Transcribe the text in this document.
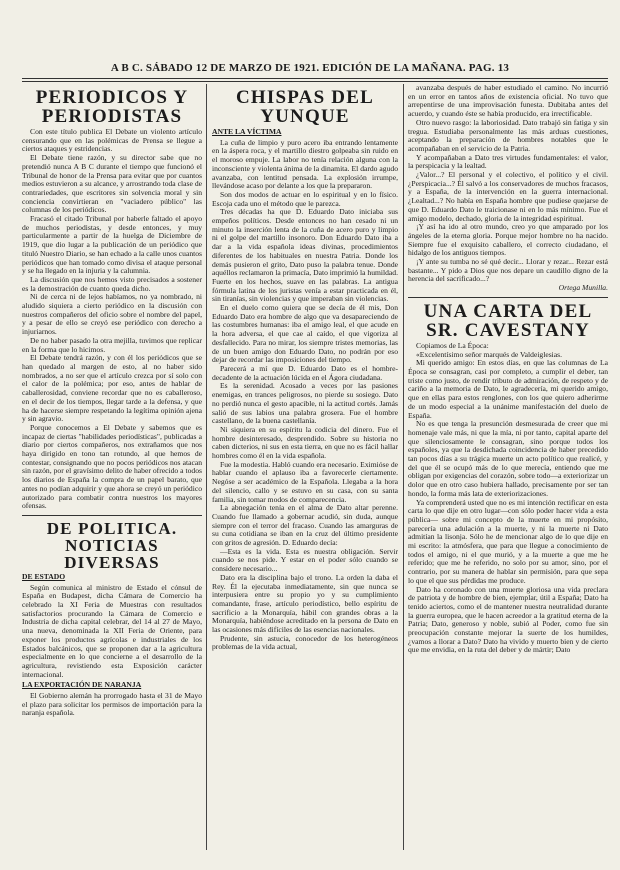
A B C. SÁBADO 12 DE MARZO DE 1921. EDICIÓN DE LA MAÑANA. PAG. 13
PERIODICOS Y PERIODISTAS

Con este título publica El Debate un violento artículo censurando que en las polémicas de Prensa se llegue a ciertos ataques y estridencias.

El Debate tiene razón, y su director sabe que no pretendió nunca A B C durante el tiempo que funcionó el Tribunal de honor de la Prensa para evitar que por cuantos medios estuvieron a su alcance, y arrostrando toda clase de contrariedades, que escritores sin solvencia moral y sin conciencia convirtieran en "vaciadero público" las columnas de los periódicos.

Fracasó el citado Tribunal por haberle faltado el apoyo de muchos periodistas, y desde entonces, y muy particularmente a partir de la huelga de Diciembre de 1919, que dio lugar a la publicación de un periódico que tituló Nuestro Diario, se han echado a la calle unos cuantos periódicos que han tomado como divisa el ataque personal y se ha llegado en la injuria y la calumnia.

La discusión que nos hemos visto precisados a sostener es la demostración de cuanto queda dicho.

Ni de cerca ni de lejos habíamos, no ya nombrado, ni aludido siquiera a cierto periódico en la discusión con nuestros compañeros del oficio sobre el nombre del papel, y a pesar de ello se creyó ese periódico con derecho a injuriarnos.

De no haber pasado la otra mejilla, tuvimos que replicar en la forma que lo hicimos.

El Debate tendrá razón, y con él los periódicos que se han quedado al margen de esto, al no haber sido nombrados, a no ser que el artículo crezca por sí solo con el calor de la polémica; por eso, antes de hablar de caballerosidad, conviene recordar que no es caballeroso, en el decir de los tiempos, llegar tarde a la defensa, y que ha de hacerse siempre respetando la legítima opinión ajena y sin agravio.

Porque conocemos a El Debate y sabemos que es incapaz de ciertas "habilidades periodísticas", publicadas a diario por ciertos compañeros, nos extrañamos que nos haya dirigido en tono tan rotundo, al que hemos de contestar, consignando que no pocos periódicos nos atacan sin razón, por el gravísimo delito de haber ofrecido a todos los diarios de España la compra de un papel barato, que antes no podían adquirir y que ahora se creyó un periódico autorizado para combatir contra nuestros los mayores ofensas.

DE POLITICA. NOTICIAS DIVERSAS
DE ESTADO

Según comunica al ministro de Estado el cónsul de España en Budapest, dicha Cámara de Comercio ha celebrado la XI Feria de Muestras con resultados satisfactorios procurando la Cámara de Comercio e Industria de dicha capital celebrar, del 14 al 27 de Mayo, una nueva, denominada la XII Feria de Oriente, para exponer los productos agrícolas e industriales de los Estados balcánicos, que se proponen dar a la agricultura especialmente en lo que concierne a el desarrollo de la agricultura, revistiendo esta Exposición carácter internacional.

LA EXPORTACIÓN DE NARANJA

El Gobierno alemán ha prorrogado hasta el 31 de Mayo el plazo para solicitar los permisos de importación para la naranja española.

CHISPAS DEL YUNQUE
ANTE LA VÍCTIMA

La cuña de limpio y puro acero iba entrando lentamente en la áspera roca, y el martillo diestro golpeaba sin ruido en el moroso empuje. La labor no tenía relación alguna con la inconsciente y violenta ánima de la dinamita. El dardo agudo avanzaba, con lentitud pensada. La explosión irrumpe, llevándose acaso por delante a los que la prepararon.

Son dos modos de actuar en lo espiritual y en lo físico. Escoja cada uno el método que le parezca.

Tres décadas ha que D. Eduardo Dato iniciaba sus empeños políticos. Desde entonces no han cesado ni un minuto la inserción lenta de la cuña de acero puro y limpio ni el golpe del martillo insonoro. Don Eduardo Dato iba a dar a la vida española ideas divinas, procedimientos diferentes de los habituales en nuestra Patria. Donde los demás pusieron el grito, Dato puso la palabra tenue. Donde aquéllos reclamaron la primacía, Dato imprimió la humildad. Fuerte en los hechos, suave en las palabras. La antigua fórmula latina de los juristas venía a estar practicada en él, sin tiranías, sin violencias y que imperaban sin violencias.

En el duelo como quiera que se decía de él mis, Don Eduardo Dato era hombre de algo que va desapareciendo de las costumbres humanas: iba el amigo leal, el que acude en la hora adversa, el que cae al caído, el que vigoriza al desfallecido. Para no mirar, los siempre tristes memorias, las de un buen amigo don Eduardo Dato, no podrán por eso dejar de recordar las imposiciones del tiempo.

Parecerá a mí que D. Eduardo Dato es el hombre-decadente de la actuación lúcida en el Ágora ciudadana.

Es la serenidad. Acosado a veces por las pasiones enemigas, en trances peligrosos, no pierde su sosiego. Dato no perdió nunca el gesto apacible, ni la actitud cortés. Jamás salió de sus labios una palabra grosera. Fue el hombre castellano, de la buena castellanía.

Ni siquiera en su espíritu la codicia del dinero. Fue el hombre desinteresado, desprendido. Sobre su historia no caben dicterios, ni sus en esta tierra, en que no es fácil hallar hombres como él en la vida española.

Fue la modestia. Habló cuando era necesario. Eximióse de hablar cuando el aplauso iba a favorecerle ciertamente. Negóse a ser académico de la Española. Llegaba a la hora del silencio, callo y se estuvo en su casa, con su santa familia, sin tomar modos de comparecencia.

La abnegación tenía en el alma de Dato altar perenne. Cuando fue llamado a gobernar acudió, sin duda, aunque siempre con el terror del fracaso. Cuando las amarguras de su cuna cotidiana se iban en la cruz del último presidente con gritos de agresión. D. Eduardo decía:

—Esta es la vida. Esta es nuestra obligación. Servir cuando se nos pide. Y estar en el poder sólo cuando se considere necesario...

Dato era la disciplina bajo el trono. La orden la daba el Rey. Él la ejecutaba inmediatamente, sin que nunca se interpusiera entre su propio yo y su cumplimiento comandante, frase, artículo periodístico, bello espíritu de sacrificio a la Monarquía, hábil con grandes obras a la Monarquía, habiéndose acreditado en la persona de Dato en las ocasiones más difíciles de las esencias nacionales.

Prudente, sin astucia, conocedor de los heterogéneos problemas de la vida actual,

avanzaba después de haber estudiado el camino. No incurrió en un error en tantos años de existencia oficial. No tuvo que arrepentirse de una improvisación funesta. Dubitaba antes del acuerdo, y cuando éste se había producido, era irrectificable.

Otro nuevo rasgo: la laboriosidad. Dato trabajó sin fatiga y sin tregua. Estudiaba personalmente las más arduas cuestiones, aceptando la preparación de hombres notables que le acompañaban en el servicio de la Patria.

Y acompañaban a Dato tres virtudes fundamentales: el valor, la perspicacia y la lealtad.

¿Valor...? El personal y el colectivo, el político y el civil. ¿Perspicacia...? Él salvó a los conservadores de muchos fracasos, y a España, de la intervención en la guerra internacional. ¿Lealtad...? No había en España hombre que pudiese quejarse de que D. Eduardo Dato le traicionase ni en lo más mínimo. Fue el amigo modelo, dechado, gloria de la integridad espiritual.

¡Y así ha ido al otro mundo, creo yo que amparado por los ángeles de la eterna gloria. Porque mejor hombre no ha nacido. Siempre fue el exquisito caballero, el correcto ciudadano, el hidalgo de los antiguos tiempos.

¡Y ante su tumba no sé qué decir... Llorar y rezar... Rezar está bastante... Y pido a Dios que nos depare un caudillo digno de la herencia del sacrificado...?

Ortega Munilla.

UNA CARTA DEL SR. CAVESTANY

Copiamos de La Época:

«Excelentísimo señor marqués de Valdeiglesias.

Mi querido amigo: En estos días, en que las columnas de La Época se consagran, casi por completo, a cumplir el deber, tan triste como justo, de rendir tributo de admiración, de respeto y de cariño a la memoria de Dato, le agradecería, mi querido amigo, que en ellas para estos renglones, con los que quiero adherirme de un modo especial a la unánime manifestación del duelo de España.

No es que tenga la presunción desmesurada de creer que mi homenaje vale más, ni que la mía, ni por tanto, capital aparte del que silenciosamente le consagran, sino porque todos los españoles, ya que la desdichada coincidencia de haber precedido tan pocos días a su trágica muerte un acto político que realicé, y del que él se ocupó más de lo que merecía, entiendo que me obligan por exigencias del corazón, sobre todo—a exteriorizar un dolor que en otro caso hubiera hallado, precisamente por ser tan hondo, la forma más lata de exteriorizaciones.

Ya comprenderá usted que no es mi intención rectificar en esta carta lo que dije en otro lugar—con sólo poder hacer vida a esta pública— sobre mi concepto de la muerte en mi propósito, parecería una adulación a la muerte, y ni la muerte ni Dato admitían la lisonja. Sólo he de mencionar algo de lo que dije en mi escrito: la atmósfera, que para que llegue a conocimiento de todos el amigo, ni el que murió, y a la muerte a que me he referido; que me he referido, no solo por su amor, sino, por el contrario, por su manera de hablar sin permisión, para que sepa lo que el que sus pérdidas me produce.

Dato ha coronado con una muerte gloriosa una vida preclara de patriota y de hombre de bien, ejemplar, útil a España; Dato ha tenido aciertos, como el de mantener nuestra neutralidad durante la guerra europea, que le hacen acreedor a la gratitud eterna de la Patria; Dato, generoso y noble, subió al Poder, como fue sin preocupación constante mejorar la suerte de los humildes, ¿vamos a llorar a Dato? Dato ha vivido y muerto bien y de cierto que me envidia, en la ruta del deber y de mártir; Dato
